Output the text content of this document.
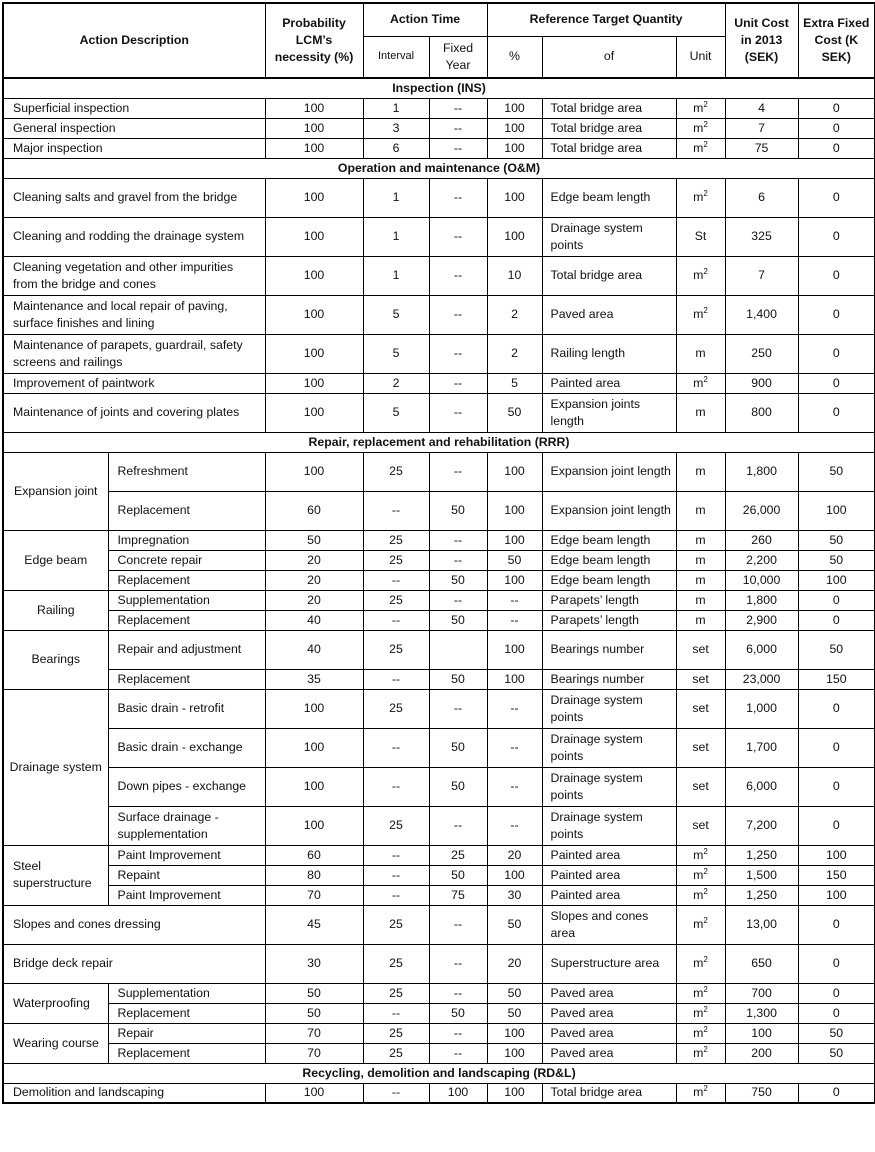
Action Description		Probability LCM’s necessity (%)	Action Time		Reference Target Quantity			Unit Cost in 2013 (SEK)	Extra Fixed Cost (K SEK)
			Interval	Fixed Year	%	of	Unit		
Inspection (INS)									
Superficial inspection		100	1	--	100	Total bridge area	$m^2$	4	0
General inspection		100	3	--	100	Total bridge area	$m^2$	7	0
Major inspection		100	6	--	100	Total bridge area	$m^2$	75	0
Operation and maintenance (O&M)									
Cleaning salts and gravel from the bridge		100	1	--	100	Edge beam length	$m^2$	6	0
Cleaning and rodding the drainage system		100	1	--	100	Drainage system points	St	325	0
Cleaning vegetation and other impurities from the bridge and cones		100	1	--	10	Total bridge area	$m^2$	7	0
Maintenance and local repair of paving, surface finishes and lining		100	5	--	2	Paved area	$m^2$	1,400	0
Maintenance of parapets, guardrail, safety screens and railings		100	5	--	2	Railing length	m	250	0
Improvement of paintwork		100	2	--	5	Painted area	$m^2$	900	0
Maintenance of joints and covering plates		100	5	--	50	Expansion joints length	m	800	0
Repair, replacement and rehabilitation (RRR)									
Expansion joint	Refreshment	100	25	--	100	Expansion joint length	m	1,800	50
	Replacement	60	--	50	100	Expansion joint length	m	26,000	100
Edge beam	Impregnation	50	25	--	100	Edge beam length	m	260	50
	Concrete repair	20	25	--	50	Edge beam length	m	2,200	50
	Replacement	20	--	50	100	Edge beam length	m	10,000	100
Railing	Supplementation	20	25	--	--	Parapets’ length	m	1,800	0
	Replacement	40	--	50	--	Parapets’ length	m	2,900	0
Bearings	Repair and adjustment	40	25		100	Bearings number	set	6,000	50
	Replacement	35	--	50	100	Bearings number	set	23,000	150
Drainage system	Basic drain - retrofit	100	25	--	--	Drainage system points	set	1,000	0
	Basic drain - exchange	100	--	50	--	Drainage system points	set	1,700	0
	Down pipes - exchange	100	--	50	--	Drainage system points	set	6,000	0
	Surface drainage - supplementation	100	25	--	--	Drainage system points	set	7,200	0
Steel superstructure	Paint Improvement	60	--	25	20	Painted area	$m^2$	1,250	100
	Repaint	80	--	50	100	Painted area	$m^2$	1,500	150
	Paint Improvement	70	--	75	30	Painted area	$m^2$	1,250	100
Slopes and cones dressing		45	25	--	50	Slopes and cones area	$m^2$	13,00	0
Bridge deck repair		30	25	--	20	Superstructure area	$m^2$	650	0
Waterproofing	Supplementation	50	25	--	50	Paved area	$m^2$	700	0
	Replacement	50	--	50	50	Paved area	$m^2$	1,300	0
Wearing course	Repair	70	25	--	100	Paved area	$m^2$	100	50
	Replacement	70	25	--	100	Paved area	$m^2$	200	50
Recycling, demolition and landscaping (RD&L)									
Demolition and landscaping		100	--	100	100	Total bridge area	$m^2$	750	0
